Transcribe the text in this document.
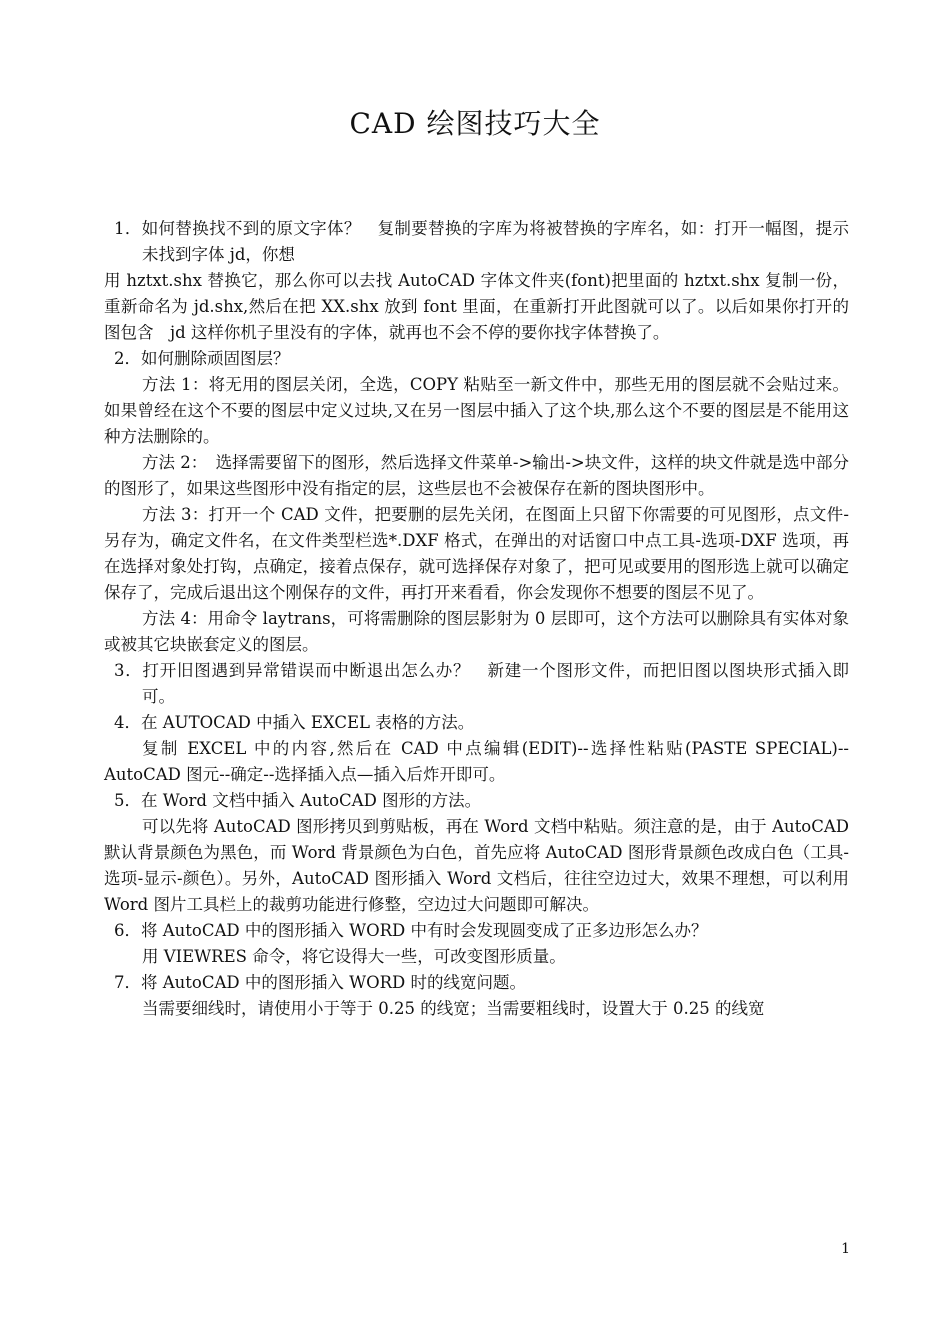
CAD 绘图技巧大全

1．如何替换找不到的原文字体？　复制要替换的字库为将被替换的字库名，如：打开一幅图，提示未找到字体 jd，你想

用 hztxt.shx 替换它，那么你可以去找 AutoCAD 字体文件夹(font)把里面的 hztxt.shx 复制一份，重新命名为 jd.shx,然后在把 XX.shx 放到 font 里面，在重新打开此图就可以了。以后如果你打开的图包含　jd 这样你机子里没有的字体，就再也不会不停的要你找字体替换了。

2．如何删除顽固图层？

方法 1：将无用的图层关闭，全选，COPY 粘贴至一新文件中，那些无用的图层就不会贴过来。如果曾经在这个不要的图层中定义过块,又在另一图层中插入了这个块,那么这个不要的图层是不能用这种方法删除的。

方法 2：　选择需要留下的图形，然后选择文件菜单->输出->块文件，这样的块文件就是选中部分的图形了，如果这些图形中没有指定的层，这些层也不会被保存在新的图块图形中。

方法 3：打开一个 CAD 文件，把要删的层先关闭，在图面上只留下你需要的可见图形，点文件-另存为，确定文件名，在文件类型栏选*.DXF 格式，在弹出的对话窗口中点工具-选项-DXF 选项，再在选择对象处打钩，点确定，接着点保存，就可选择保存对象了，把可见或要用的图形选上就可以确定保存了，完成后退出这个刚保存的文件，再打开来看看，你会发现你不想要的图层不见了。

方法 4：用命令 laytrans，可将需删除的图层影射为 0 层即可，这个方法可以删除具有实体对象或被其它块嵌套定义的图层。

3．打开旧图遇到异常错误而中断退出怎么办？　新建一个图形文件，而把旧图以图块形式插入即可。

4．在 AUTOCAD 中插入 EXCEL 表格的方法。

复制 EXCEL 中的内容,然后在 CAD 中点编辑(EDIT)--选择性粘贴(PASTE SPECIAL)--AutoCAD 图元--确定--选择插入点—插入后炸开即可。

5．在 Word 文档中插入 AutoCAD 图形的方法。

可以先将 AutoCAD 图形拷贝到剪贴板，再在 Word 文档中粘贴。须注意的是，由于 AutoCAD 默认背景颜色为黑色，而 Word 背景颜色为白色，首先应将 AutoCAD 图形背景颜色改成白色（工具-选项-显示-颜色）。另外，AutoCAD 图形插入 Word 文档后，往往空边过大，效果不理想，可以利用 Word 图片工具栏上的裁剪功能进行修整，空边过大问题即可解决。

6．将 AutoCAD 中的图形插入 WORD 中有时会发现圆变成了正多边形怎么办？

用 VIEWRES 命令，将它设得大一些，可改变图形质量。

7．将 AutoCAD 中的图形插入 WORD 时的线宽问题。

当需要细线时，请使用小于等于 0.25 的线宽；当需要粗线时，设置大于 0.25 的线宽

1
